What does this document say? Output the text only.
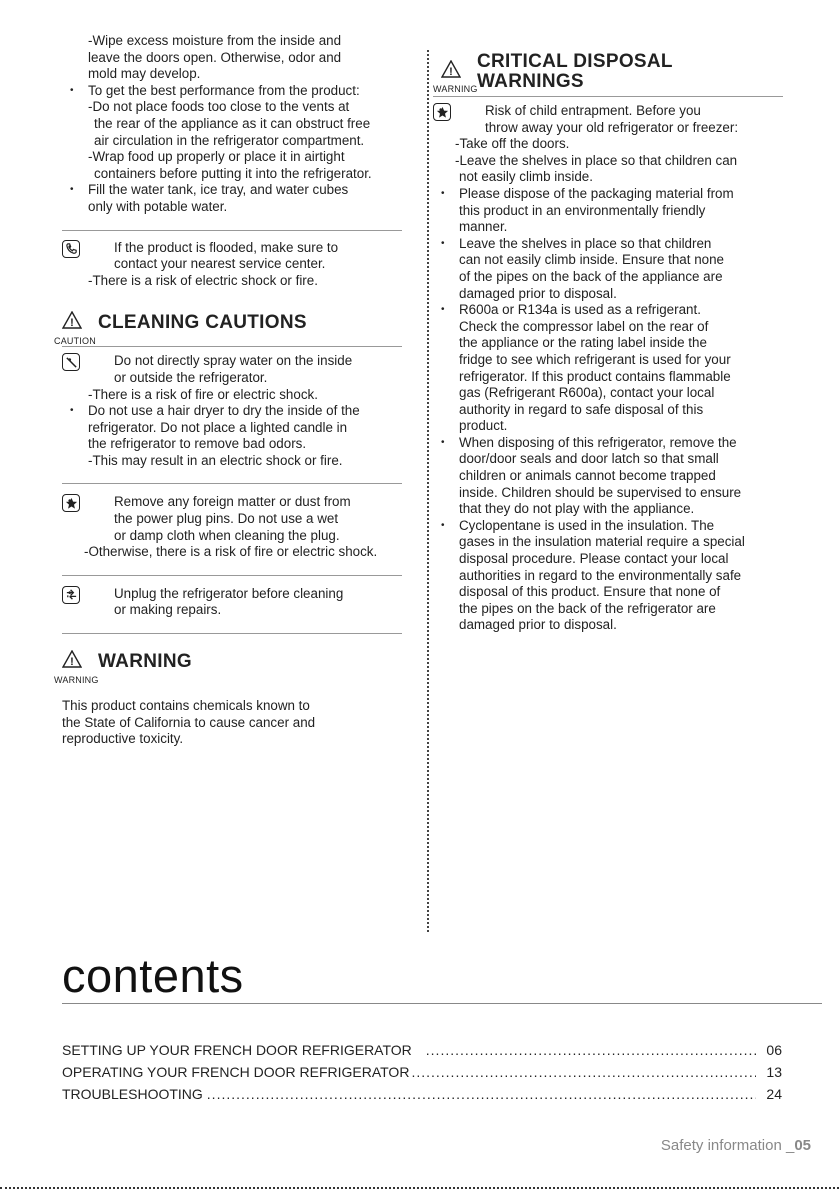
-Wipe excess moisture from the inside and
leave the doors open. Otherwise, odor and
mold may develop.
• To get the best performance from the product:
-Do not place foods too close to the vents at
the rear of the appliance as it can obstruct free
air circulation in the refrigerator compartment.
-Wrap food up properly or place it in airtight
containers before putting it into the refrigerator.
• Fill the water tank, ice tray, and water cubes
only with potable water.
• If the product is flooded, make sure to
contact your nearest service center.
-There is a risk of electric shock or fire.
!
CAUTION
CLEANING CAUTIONS
• Do not directly spray water on the inside
or outside the refrigerator.
-There is a risk of fire or electric shock.
• Do not use a hair dryer to dry the inside of the
refrigerator. Do not place a lighted candle in
the refrigerator to remove bad odors.
-This may result in an electric shock or fire.
• Remove any foreign matter or dust from
the power plug pins. Do not use a wet
or damp cloth when cleaning the plug.
-Otherwise, there is a risk of fire or electric shock.
• Unplug the refrigerator before cleaning
or making repairs.
!
WARNING
WARNING
This product contains chemicals known to
the State of California to cause cancer and
reproductive toxicity.
!
WARNING
CRITICAL DISPOSAL
WARNINGS
• Risk of child entrapment. Before you
throw away your old refrigerator or freezer:
-Take off the doors.
-Leave the shelves in place so that children can
not easily climb inside.
• Please dispose of the packaging material from
this product in an environmentally friendly
manner.
• Leave the shelves in place so that children
can not easily climb inside. Ensure that none
of the pipes on the back of the appliance are
damaged prior to disposal.
• R600a or R134a is used as a refrigerant.
Check the compressor label on the rear of
the appliance or the rating label inside the
fridge to see which refrigerant is used for your
refrigerator. If this product contains flammable
gas (Refrigerant R600a), contact your local
authority in regard to safe disposal of this
product.
• When disposing of this refrigerator, remove the
door/door seals and door latch so that small
children or animals cannot become trapped
inside. Children should be supervised to ensure
that they do not play with the appliance.
• Cyclopentane is used in the insulation. The
gases in the insulation material require a special
disposal procedure. Please contact your local
authorities in regard to the environmentally safe
disposal of this product. Ensure that none of
the pipes on the back of the refrigerator are
damaged prior to disposal.
contents
SETTING UP YOUR FRENCH DOOR REFRIGERATOR .....	06
OPERATING YOUR FRENCH DOOR REFRIGERATOR .....	13
TROUBLESHOOTING .....	24
Safety information _05
